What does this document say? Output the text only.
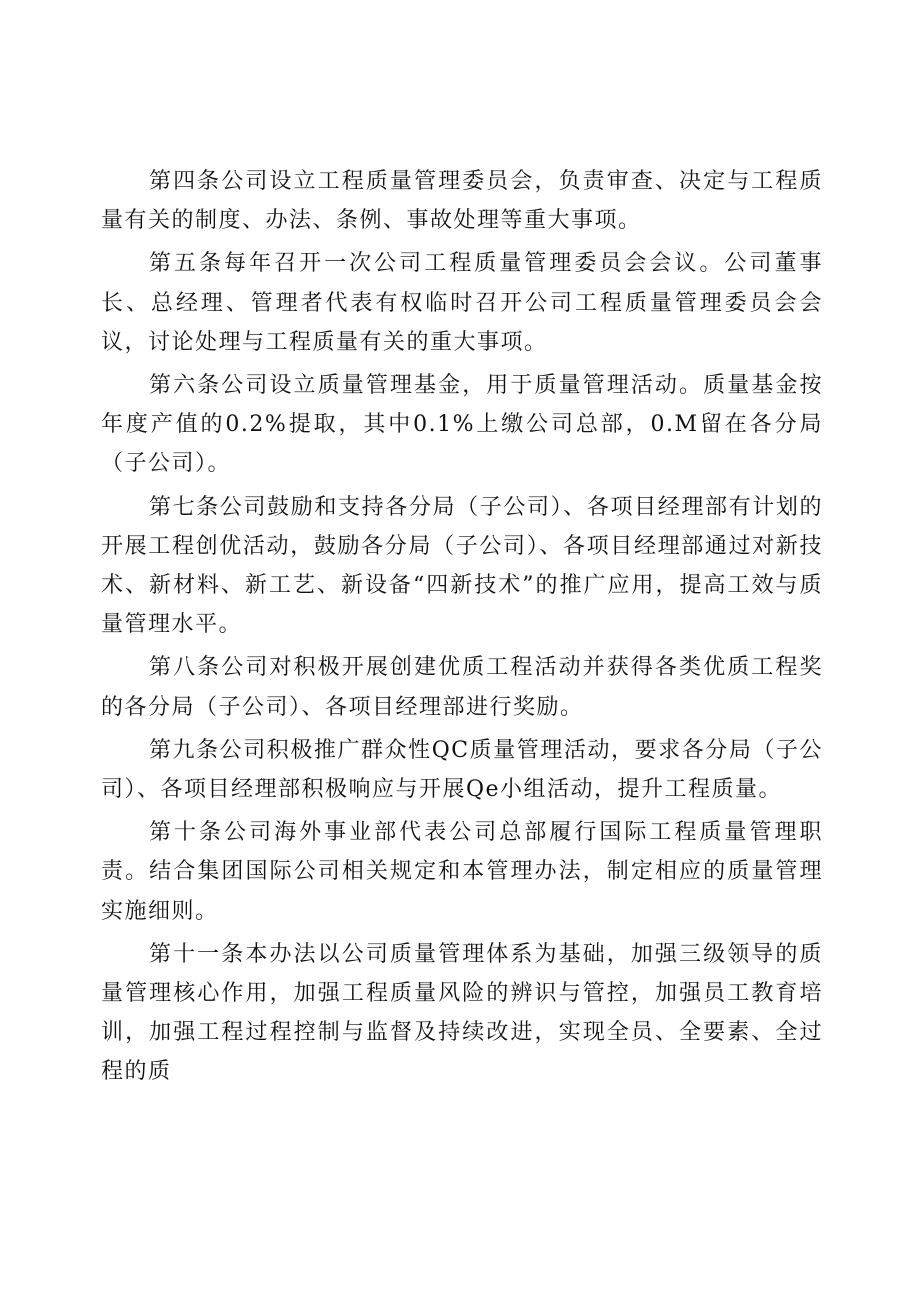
第四条公司设立工程质量管理委员会，负责审查、决定与工程质量有关的制度、办法、条例、事故处理等重大事项。

第五条每年召开一次公司工程质量管理委员会会议。公司董事长、总经理、管理者代表有权临时召开公司工程质量管理委员会会议，讨论处理与工程质量有关的重大事项。

第六条公司设立质量管理基金，用于质量管理活动。质量基金按年度产值的0.2%提取，其中0.1%上缴公司总部，0.M留在各分局（子公司）。

第七条公司鼓励和支持各分局（子公司）、各项目经理部有计划的开展工程创优活动，鼓励各分局（子公司）、各项目经理部通过对新技术、新材料、新工艺、新设备“四新技术”的推广应用，提高工效与质量管理水平。

第八条公司对积极开展创建优质工程活动并获得各类优质工程奖的各分局（子公司）、各项目经理部进行奖励。

第九条公司积极推广群众性QC质量管理活动，要求各分局（子公司）、各项目经理部积极响应与开展Qe小组活动，提升工程质量。

第十条公司海外事业部代表公司总部履行国际工程质量管理职责。结合集团国际公司相关规定和本管理办法，制定相应的质量管理实施细则。

第十一条本办法以公司质量管理体系为基础，加强三级领导的质量管理核心作用，加强工程质量风险的辨识与管控，加强员工教育培训，加强工程过程控制与监督及持续改进，实现全员、全要素、全过程的质
